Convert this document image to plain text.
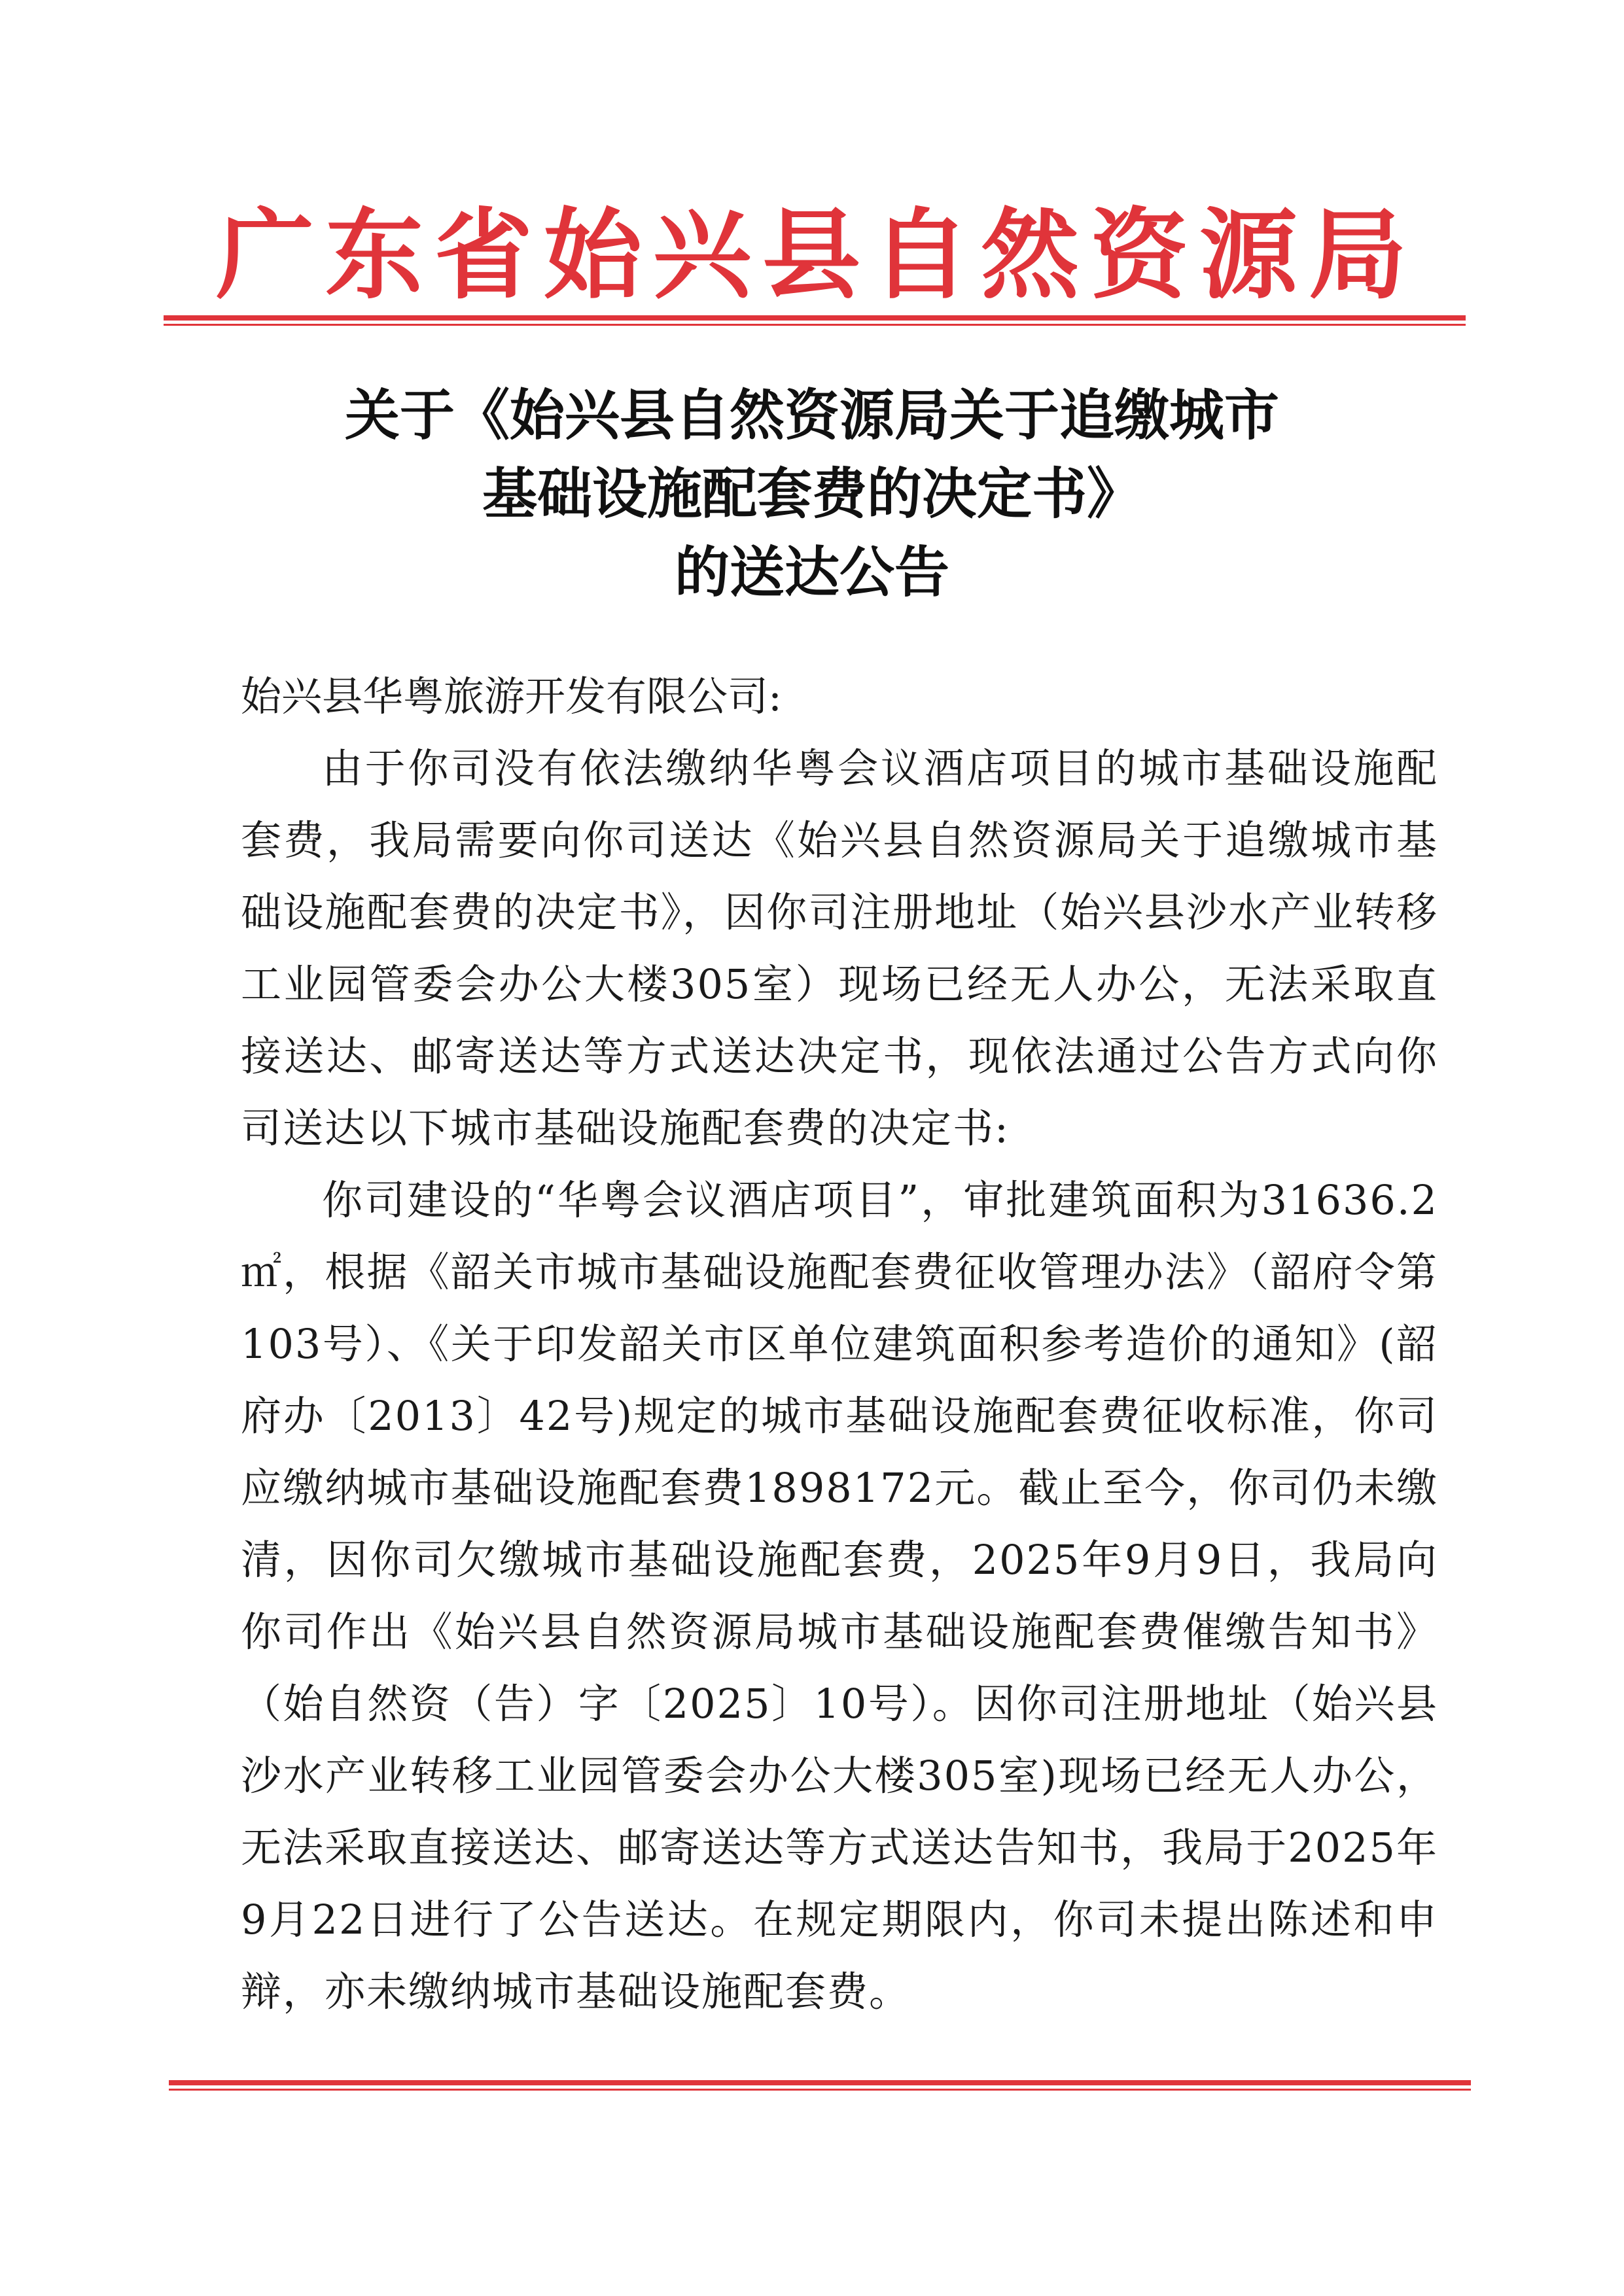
广东省始兴县自然资源局
关于《始兴县自然资源局关于追缴城市
基础设施配套费的决定书》
的送达公告
始兴县华粤旅游开发有限公司:
由于你司没有依法缴纳华粤会议酒店项目的城市基础设施配套费，我局需要向你司送达《始兴县自然资源局关于追缴城市基础设施配套费的决定书》，因你司注册地址（始兴县沙水产业转移工业园管委会办公大楼305室）现场已经无人办公，无法采取直接送达、邮寄送达等方式送达决定书，现依法通过公告方式向你司送达以下城市基础设施配套费的决定书:
你司建设的“华粤会议酒店项目”，审批建筑面积为31636.2㎡，根据《韶关市城市基础设施配套费征收管理办法》（韶府令第103号）、《关于印发韶关市区单位建筑面积参考造价的通知》(韶府办〔2013〕42号)规定的城市基础设施配套费征收标准，你司应缴纳城市基础设施配套费1898172元。截止至今，你司仍未缴清，因你司欠缴城市基础设施配套费，2025年9月9日，我局向你司作出《始兴县自然资源局城市基础设施配套费催缴告知书》（始自然资（告）字〔2025〕10号）。因你司注册地址（始兴县沙水产业转移工业园管委会办公大楼305室)现场已经无人办公，无法采取直接送达、邮寄送达等方式送达告知书，我局于2025年9月22日进行了公告送达。在规定期限内，你司未提出陈述和申辩，亦未缴纳城市基础设施配套费。
